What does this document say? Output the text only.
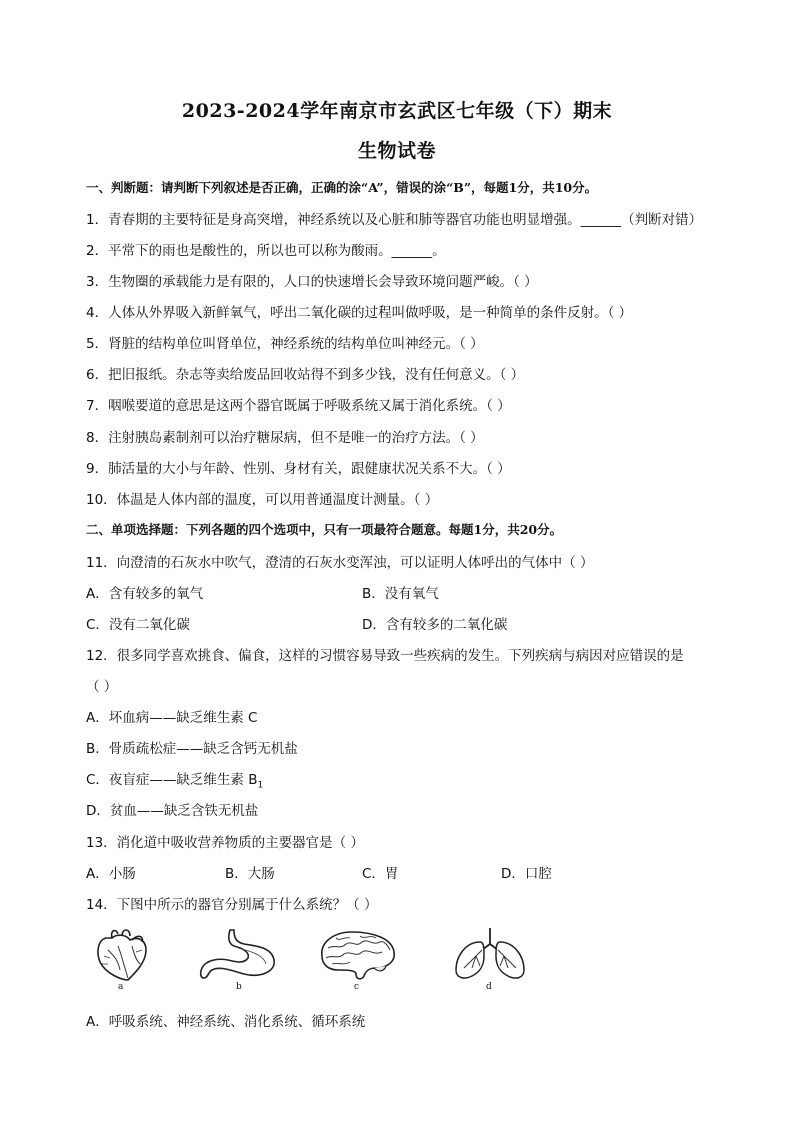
2023-2024学年南京市玄武区七年级（下）期末
生物试卷
一、判断题：请判断下列叙述是否正确，正确的涂“A”，错误的涂“B”，每题1分，共10分。
1．青春期的主要特征是身高突增，神经系统以及心脏和肺等器官功能也明显增强。______（判断对错）
2．平常下的雨也是酸性的，所以也可以称为酸雨。______。
3．生物圈的承载能力是有限的，人口的快速增长会导致环境问题严峻。（ ）
4．人体从外界吸入新鲜氧气，呼出二氧化碳的过程叫做呼吸，是一种简单的条件反射。（ ）
5．肾脏的结构单位叫肾单位，神经系统的结构单位叫神经元。（ ）
6．把旧报纸。杂志等卖给废品回收站得不到多少钱，没有任何意义。（ ）
7．咽喉要道的意思是这两个器官既属于呼吸系统又属于消化系统。（ ）
8．注射胰岛素制剂可以治疗糖尿病，但不是唯一的治疗方法。（ ）
9．肺活量的大小与年龄、性别、身材有关，跟健康状况关系不大。（ ）
10．体温是人体内部的温度，可以用普通温度计测量。（ ）
二、单项选择题：下列各题的四个选项中，只有一项最符合题意。每题1分，共20分。
11．向澄清的石灰水中吹气，澄清的石灰水变浑浊，可以证明人体呼出的气体中（ ）
A．含有较多的氧气	B．没有氧气
C．没有二氧化碳	D．含有较多的二氧化碳
12．很多同学喜欢挑食、偏食，这样的习惯容易导致一些疾病的发生。下列疾病与病因对应错误的是
（ ）
A．坏血病——缺乏维生素 C
B．骨质疏松症——缺乏含钙无机盐
C．夜盲症——缺乏维生素 $B_1$
D．贫血——缺乏含铁无机盐
13．消化道中吸收营养物质的主要器官是（ ）
A．小肠	B．大肠	C．胃	D．口腔
14．下图中所示的器官分别属于什么系统？（ ）
a	b	c	d
A．呼吸系统、神经系统、消化系统、循环系统
